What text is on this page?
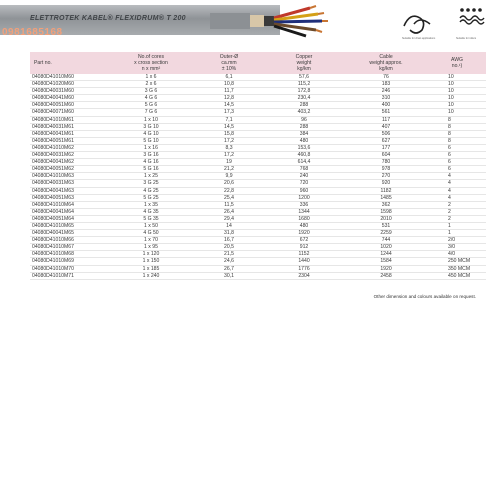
ELETTROTEK KABEL® FLEXIDRUM® T 200
0981685168
Suitable for chain applications	Suitable for rollers
Part no.	No.of cores
x cross section
n x mm²	Outer-Ø
ca.mm
± 10%	Copper
weight
kg/km	Cable
weight approx.
kg/km	AWG
no.¹)
04080D41010M60	1 x 6	6,1	57,6	76	10
04080D41020M60	2 x 6	10,8	115,2	183	10
04080D40031M60	3 G 6	11,7	172,8	246	10
04080D40041M60	4 G 6	12,8	230,4	310	10
04080D40051M60	5 G 6	14,5	288	400	10
04080D40071M60	7 G 6	17,3	403,2	561	10
04080D41010M61	1 x 10	7,1	96	117	8
04080D40031M61	3 G 10	14,5	288	407	8
04080D40041M61	4 G 10	15,8	384	506	8
04080D40051M61	5 G 10	17,2	480	627	8
04080D41010M62	1 x 16	8,3	153,6	177	6
04080D40031M62	3 G 16	17,2	460,8	604	6
04080D40041M62	4 G 16	19	614,4	780	6
04080D40051M62	5 G 16	21,2	768	978	6
04080D41010M63	1 x 25	9,9	240	270	4
04080D40031M63	3 G 25	20,6	720	920	4
04080D40041M63	4 G 25	22,8	960	1182	4
04080D40051M63	5 G 25	25,4	1200	1485	4
04080D41010M64	1 x 35	11,5	336	362	2
04080D40041M64	4 G 35	26,4	1344	1598	2
04080D40051M64	5 G 35	29,4	1680	2010	2
04080D41010M65	1 x 50	14	480	531	1
04080D40041M65	4 G 50	31,8	1920	2259	1
04080D41010M66	1 x 70	16,7	672	744	2/0
04080D41010M67	1 x 95	20,5	912	1020	3/0
04080D41010M68	1 x 120	21,5	1152	1244	4/0
04080D41010M69	1 x 150	24,6	1440	1584	250 MCM
04080D41010M70	1 x 185	26,7	1776	1920	350 MCM
04080D41010M71	1 x 240	30,1	2304	2458	450 MCM
Other dimension and colours available on request.
